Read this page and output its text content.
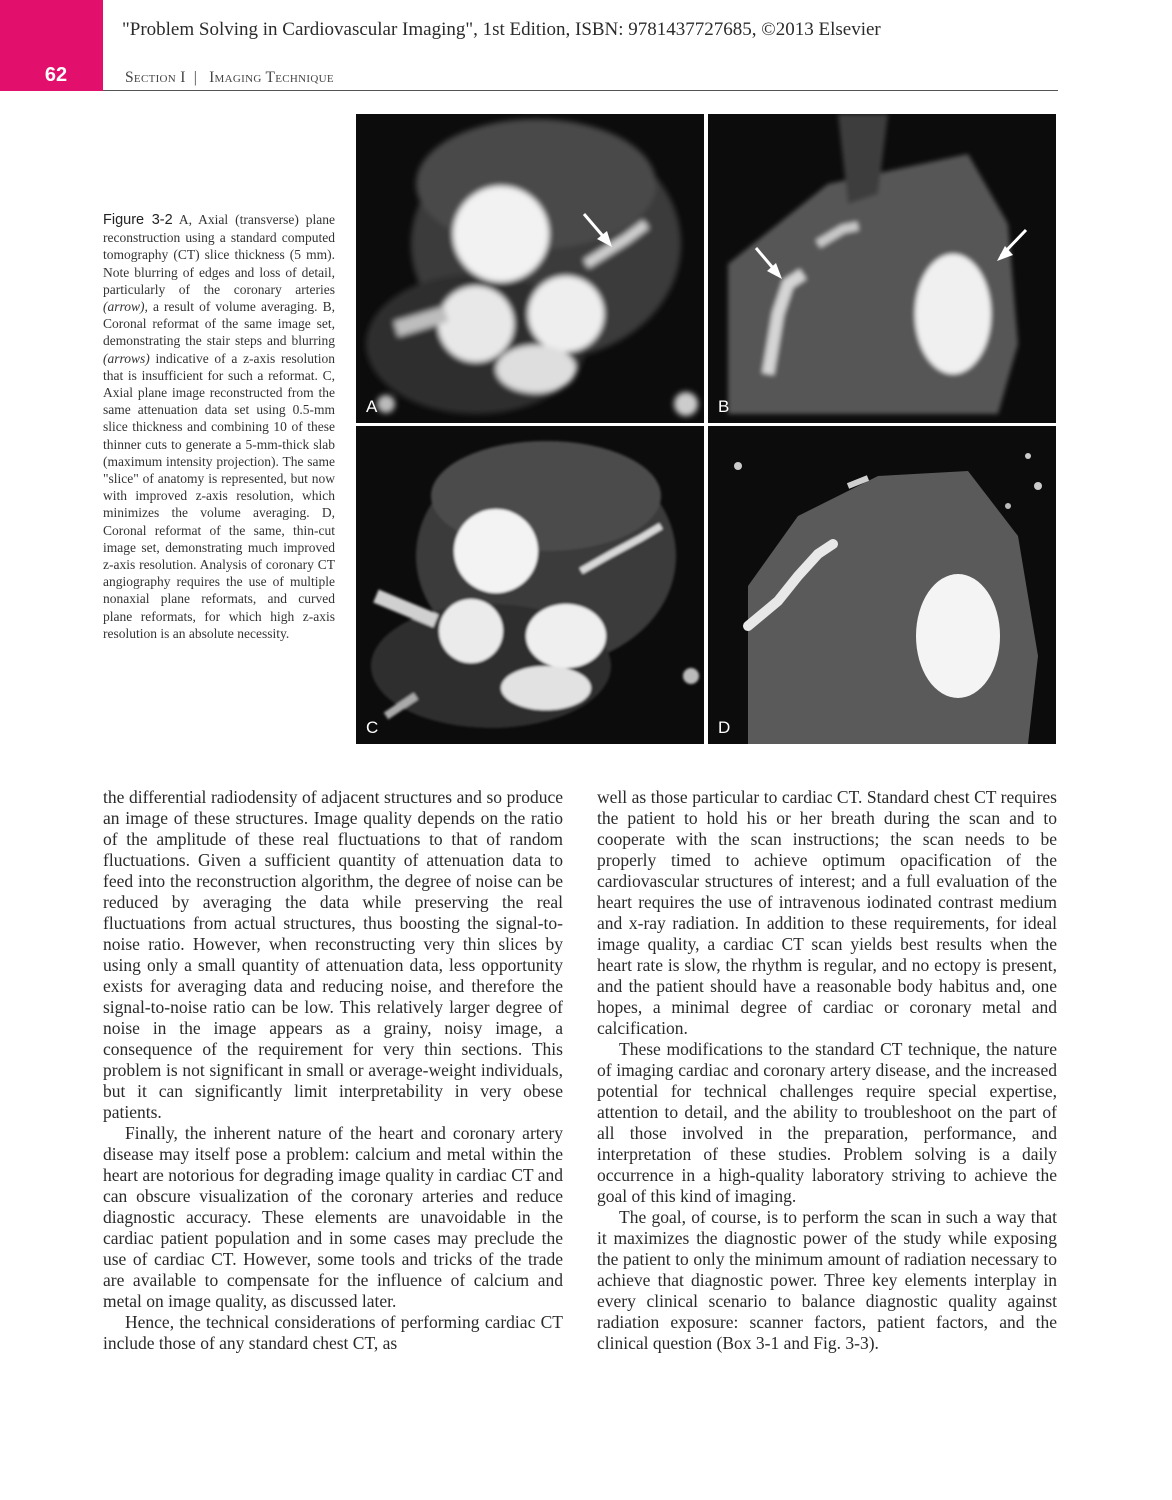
62
"Problem Solving in Cardiovascular Imaging", 1st Edition, ISBN: 9781437727685, ©2013 Elsevier
Section I | Imaging Technique
Figure 3-2 A, Axial (transverse) plane reconstruction using a standard computed tomography (CT) slice thickness (5 mm). Note blurring of edges and loss of detail, particularly of the coronary arteries (arrow), a result of volume averaging. B, Coronal reformat of the same image set, demonstrating the stair steps and blurring (arrows) indicative of a z-axis resolution that is insufficient for such a reformat. C, Axial plane image reconstructed from the same attenuation data set using 0.5-mm slice thickness and combining 10 of these thinner cuts to generate a 5-mm-thick slab (maximum intensity projection). The same "slice" of anatomy is represented, but now with improved z-axis resolution, which minimizes the volume averaging. D, Coronal reformat of the same, thin-cut image set, demonstrating much improved z-axis resolution. Analysis of coronary CT angiography requires the use of multiple nonaxial plane reformats, and curved plane reformats, for which high z-axis resolution is an absolute necessity.
A	B
C	D

the differential radiodensity of adjacent structures and so produce an image of these structures. Image quality depends on the ratio of the amplitude of these real fluctuations to that of random fluctuations. Given a sufficient quantity of attenuation data to feed into the reconstruction algorithm, the degree of noise can be reduced by averaging the data while preserving the real fluctuations from actual structures, thus boosting the signal-to-noise ratio. However, when reconstructing very thin slices by using only a small quantity of attenuation data, less opportunity exists for averaging data and reducing noise, and therefore the signal-to-noise ratio can be low. This relatively larger degree of noise in the image appears as a grainy, noisy image, a consequence of the requirement for very thin sections. This problem is not significant in small or average-weight individuals, but it can significantly limit interpretability in very obese patients.

Finally, the inherent nature of the heart and coronary artery disease may itself pose a problem: calcium and metal within the heart are notorious for degrading image quality in cardiac CT and can obscure visualization of the coronary arteries and reduce diagnostic accuracy. These elements are unavoidable in the cardiac patient population and in some cases may preclude the use of cardiac CT. However, some tools and tricks of the trade are available to compensate for the influence of calcium and metal on image quality, as discussed later.

Hence, the technical considerations of performing cardiac CT include those of any standard chest CT, as

well as those particular to cardiac CT. Standard chest CT requires the patient to hold his or her breath during the scan and to cooperate with the scan instructions; the scan needs to be properly timed to achieve optimum opacification of the cardiovascular structures of interest; and a full evaluation of the heart requires the use of intravenous iodinated contrast medium and x-ray radiation. In addition to these requirements, for ideal image quality, a cardiac CT scan yields best results when the heart rate is slow, the rhythm is regular, and no ectopy is present, and the patient should have a reasonable body habitus and, one hopes, a minimal degree of cardiac or coronary metal and calcification.

These modifications to the standard CT technique, the nature of imaging cardiac and coronary artery disease, and the increased potential for technical challenges require special expertise, attention to detail, and the ability to troubleshoot on the part of all those involved in the preparation, performance, and interpretation of these studies. Problem solving is a daily occurrence in a high-quality laboratory striving to achieve the goal of this kind of imaging.

The goal, of course, is to perform the scan in such a way that it maximizes the diagnostic power of the study while exposing the patient to only the minimum amount of radiation necessary to achieve that diagnostic power. Three key elements interplay in every clinical scenario to balance diagnostic quality against radiation exposure: scanner factors, patient factors, and the clinical question (Box 3-1 and Fig. 3-3).
